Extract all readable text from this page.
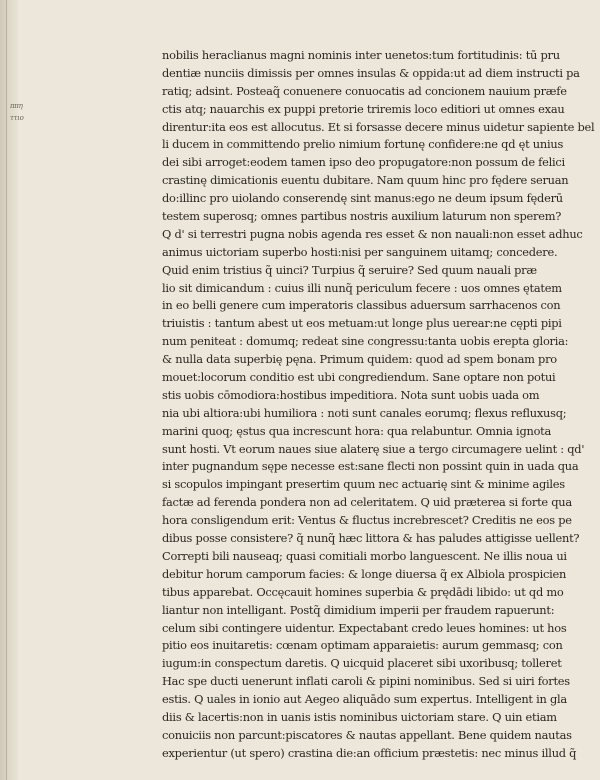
ππη
ττιο
nobilis heraclianus magni nominis inter uenetos:tum fortitudinis: tū pru
dentiæ nunciis dimissis per omnes insulas & oppida:ut ad diem instructi pa
ratiq; adsint. Posteaq̃ conuenere conuocatis ad concionem nauium præfe
ctis atq; nauarchis ex puppi pretorie triremis loco editiori ut omnes exau
direntur:ita eos est allocutus. Et si forsasse decere minus uidetur sapiente bel
li ducem in committendo prelio nimium fortunę confidere:ne qd ęt unius
dei sibi arroget:eodem tamen ipso deo propugatore:non possum de felici
crastinę dimicationis euentu dubitare. Nam quum hinc pro fędere seruan
do:illinc pro uiolando conserendę sint manus:ego ne deum ipsum fęderū
testem superosq; omnes partibus nostris auxilium laturum non sperem?
Q d' si terrestri pugna nobis agenda res esset & non nauali:non esset adhuc
animus uictoriam superbo hosti:nisi per sanguinem uitamq; concedere.
Quid enim tristius q̃ uinci? Turpius q̃ seruire? Sed quum nauali præ
lio sit dimicandum : cuius illi nunq̃ periculum fecere : uos omnes ętatem
in eo belli genere cum imperatoris classibus aduersum sarrhacenos con
triuistis : tantum abest ut eos metuam:ut longe plus uerear:ne cępti pipi
num peniteat : domumq; redeat sine congressu:tanta uobis erepta gloria:
& nulla data superbię pęna. Primum quidem: quod ad spem bonam pro
mouet:locorum conditio est ubi congrediendum. Sane optare non potui
stis uobis cōmodiora:hostibus impeditiora. Nota sunt uobis uada om
nia ubi altiora:ubi humiliora : noti sunt canales eorumq; flexus refluxusq;
marini quoq; ęstus qua increscunt hora: qua relabuntur. Omnia ignota
sunt hosti. Vt eorum naues siue alaterę siue a tergo circumagere uelint : qd'
inter pugnandum sępe necesse est:sane flecti non possint quin in uada qua
si scopulos impingant presertim quum nec actuarię sint & minime agiles
factæ ad ferenda pondera non ad celeritatem. Q uid præterea si forte qua
hora consligendum erit: Ventus & fluctus increbrescet? Creditis ne eos pe
dibus posse consistere? q̃ nunq̃ hæc littora & has paludes attigisse uellent?
Correpti bili nauseaq; quasi comitiali morbo languescent. Ne illis noua ui
debitur horum camporum facies: & longe diuersa q̃ ex Albiola prospicien
tibus apparebat. Occęcauit homines superbia & prędādi libido: ut qd mo
liantur non intelligant. Postq̃ dimidium imperii per fraudem rapuerunt:
celum sibi contingere uidentur. Expectabant credo leues homines: ut hos
pitio eos inuitaretis: cœnam optimam apparaietis: aurum gemmasq; con
iugum:in conspectum daretis. Q uicquid placeret sibi uxoribusq; tolleret
Hac spe ducti uenerunt inflati caroli & pipini nominibus. Sed si uiri fortes
estis. Q uales in ionio aut Aegeo aliquādo sum expertus. Intelligent in gla
diis & lacertis:non in uanis istis nominibus uictoriam stare. Q uin etiam
conuiciis non parcunt:piscatores & nautas appellant. Bene quidem nautas
experientur (ut spero) crastina die:an officium præstetis: nec minus illud q̃
